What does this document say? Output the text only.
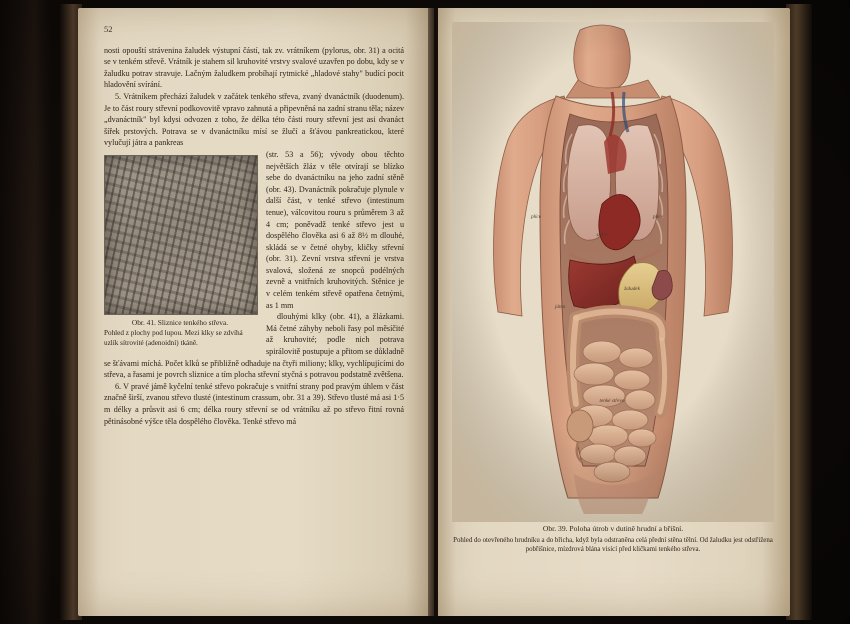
52

nosti opouští strávenina žaludek výstupní částí, tak zv. vrátníkem (pylorus, obr. 31) a ocitá se v tenkém střevě. Vrátník je stahem sil kruhovité vrstvy svalové uzavřen po dobu, kdy se v žaludku potrav stravuje. Lačným žaludkem probíhají rytmické „hladové stahy" budící pocit hladovění svírání.

5. Vrátníkem přechází žaludek v začátek tenkého střeva, zvaný dvanáctník (duodenum). Je to část roury střevní podkovovitě vpravo zahnutá a připevněná na zadní stranu těla; název „dvanáctník" byl kdysi odvozen z toho, že délka této části roury střevní jest asi dvanáct šířek prstových. Potrava se v dvanáctníku mísí se žlučí a šťávou pankreatickou, které vylučují játra a pankreas

Obr. 41. Sliznice tenkého střeva.
Pohled z plochy pod lupou. Mezi klky se zdvíhá uzlík sítrovité (adenoidní) tkáně.

(str. 53 a 56); vývody obou těchto největších žláz v těle otvírají se blízko sebe do dvanáctníku na jeho zadní stěně (obr. 43). Dvanáctník pokračuje plynule v další část, v tenké střevo (intestinum tenue), válcovitou rouru s průměrem 3 až 4 cm; poněvadž tenké střevo jest u dospělého člověka asi 6 až 8½ m dlouhé, skládá se v četné ohyby, kličky střevní (obr. 31). Zevní vrstva střevní je vrstva svalová, složená ze snopců podélných zevně a vnitřních kruhovitých. Stěnice je v celém tenkém střevě opatřena četnými, as 1 mm

dlouhými klky (obr. 41), a žlázkami. Má četné záhyby neboli řasy pol měsíčité až kruhovité; podle nich potrava spirálovitě postupuje a přitom se důkladně se šťávami míchá. Počet klků se přibližně odhaduje na čtyři miliony; klky, vychlípujícími do střeva, a řasami je povrch sliznice a tím plocha střevní styčná s potravou podstatně zvětšena.

6. V pravé jámě kyčelní tenké střevo pokračuje s vnitřní strany pod pravým úhlem v část značně širší, zvanou střevo tlusté (intestinum crassum, obr. 31 a 39). Střevo tlusté má asi 1·5 m délky a průsvit asi 6 cm; délka roury střevní se od vrátníku až po střevo řitní rovná pětinásobné výšce těla dospělého člověka. Tenké střevo má

Obr. 39. Poloha útrob v dutině hrudní a břišní.
Pohled do otevřeného hrudníku a do břicha, když byla odstraněna celá přední stěna tělní. Od žaludku jest odstřižena pobřišnice, mízdrová blána visící před kličkami tenkého střeva.
